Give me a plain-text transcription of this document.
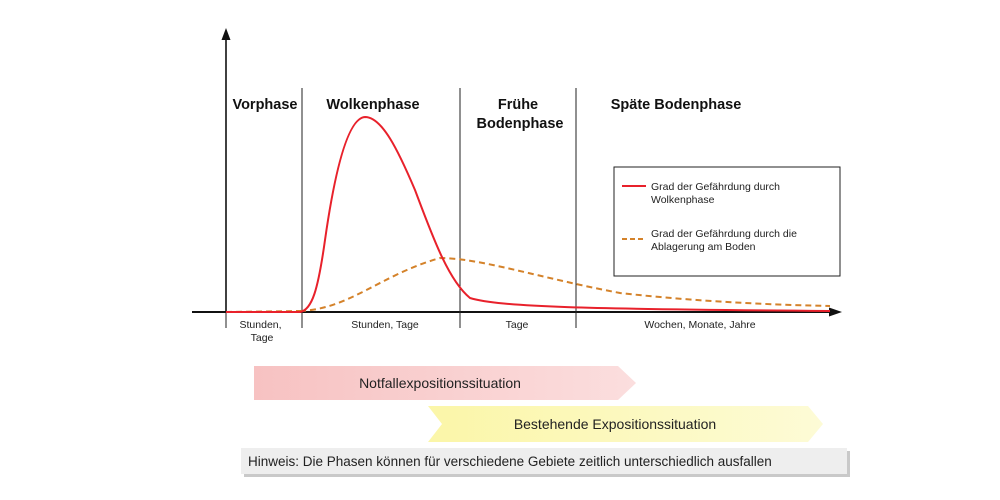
Vorphase Wolkenphase	Frühe Bodenphase
Späte Bodenphase
Stunden, Tage
Stunden, Tage	Tage	Wochen, Monate, Jahre
Grad der Gefährdung durch Wolkenphase
Grad der Gefährdung durch die Ablagerung am Boden
Notfallexpositionssituation
Bestehende Expositionssituation
Hinweis: Die Phasen können für verschiedene Gebiete zeitlich unterschiedlich ausfallen
